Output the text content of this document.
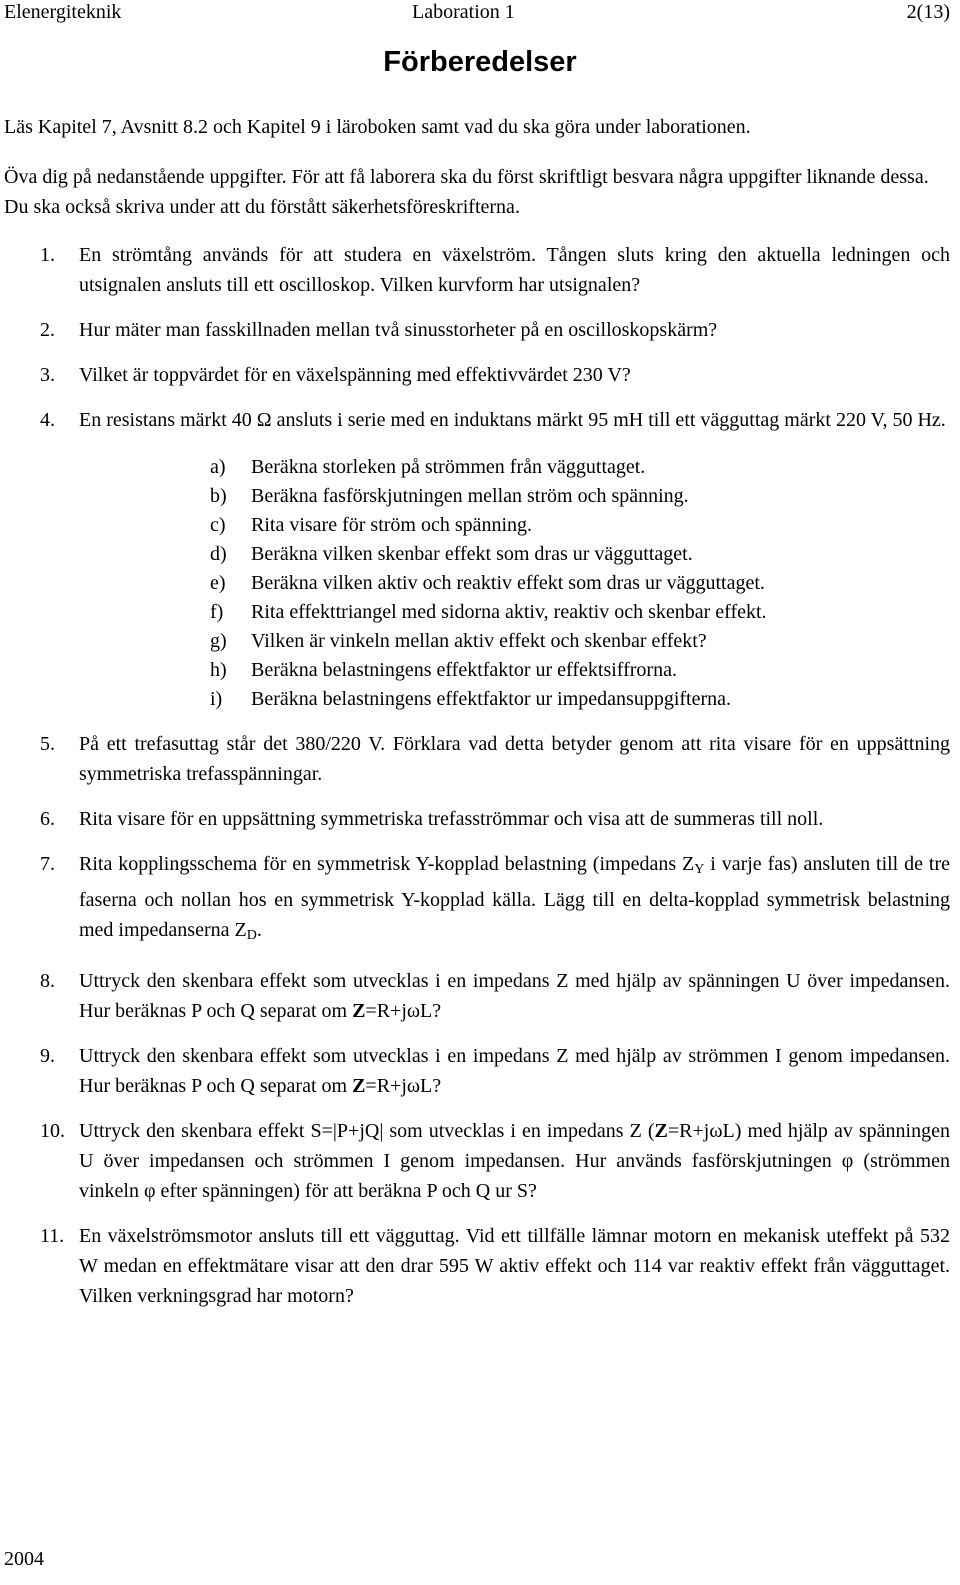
Elenergiteknik	Laboration 1	2(13)
Förberedelser

Läs Kapitel 7, Avsnitt 8.2 och Kapitel 9 i läroboken samt vad du ska göra under laborationen.

Öva dig på nedanstående uppgifter. För att få laborera ska du först skriftligt besvara några uppgifter liknande dessa. Du ska också skriva under att du förstått säkerhetsföreskrifterna.

1. En strömtång används för att studera en växelström. Tången sluts kring den aktuella ledningen och utsignalen ansluts till ett oscilloskop. Vilken kurvform har utsignalen?
2. Hur mäter man fasskillnaden mellan två sinusstorheter på en oscilloskopskärm?
3. Vilket är toppvärdet för en växelspänning med effektivvärdet 230 V?
4. En resistans märkt 40 Ω ansluts i serie med en induktans märkt 95 mH till ett vägguttag märkt 220 V, 50 Hz.
a) Beräkna storleken på strömmen från vägguttaget.
b) Beräkna fasförskjutningen mellan ström och spänning.
c) Rita visare för ström och spänning.
d) Beräkna vilken skenbar effekt som dras ur vägguttaget.
e) Beräkna vilken aktiv och reaktiv effekt som dras ur vägguttaget.
f) Rita effekttriangel med sidorna aktiv, reaktiv och skenbar effekt.
g) Vilken är vinkeln mellan aktiv effekt och skenbar effekt?
h) Beräkna belastningens effektfaktor ur effektsiffrorna.
i) Beräkna belastningens effektfaktor ur impedansuppgifterna.
5. På ett trefasuttag står det 380/220 V. Förklara vad detta betyder genom att rita visare för en uppsättning symmetriska trefasspänningar.
6. Rita visare för en uppsättning symmetriska trefasströmmar och visa att de summeras till noll.
7. Rita kopplingsschema för en symmetrisk Y-kopplad belastning (impedans $Z_Y$ i varje fas) ansluten till de tre faserna och nollan hos en symmetrisk Y-kopplad källa. Lägg till en delta-kopplad symmetrisk belastning med impedanserna $Z_D$.
8. Uttryck den skenbara effekt som utvecklas i en impedans Z med hjälp av spänningen U över impedansen. Hur beräknas P och Q separat om Z=R+jωL?
9. Uttryck den skenbara effekt som utvecklas i en impedans Z med hjälp av strömmen I genom impedansen. Hur beräknas P och Q separat om Z=R+jωL?
10. Uttryck den skenbara effekt S=|P+jQ| som utvecklas i en impedans Z (Z=R+jωL) med hjälp av spänningen U över impedansen och strömmen I genom impedansen. Hur används fasförskjutningen φ (strömmen vinkeln φ efter spänningen) för att beräkna P och Q ur S?
11. En växelströmsmotor ansluts till ett vägguttag. Vid ett tillfälle lämnar motorn en mekanisk uteffekt på 532 W medan en effektmätare visar att den drar 595 W aktiv effekt och 114 var reaktiv effekt från vägguttaget. Vilken verkningsgrad har motorn?
2004
